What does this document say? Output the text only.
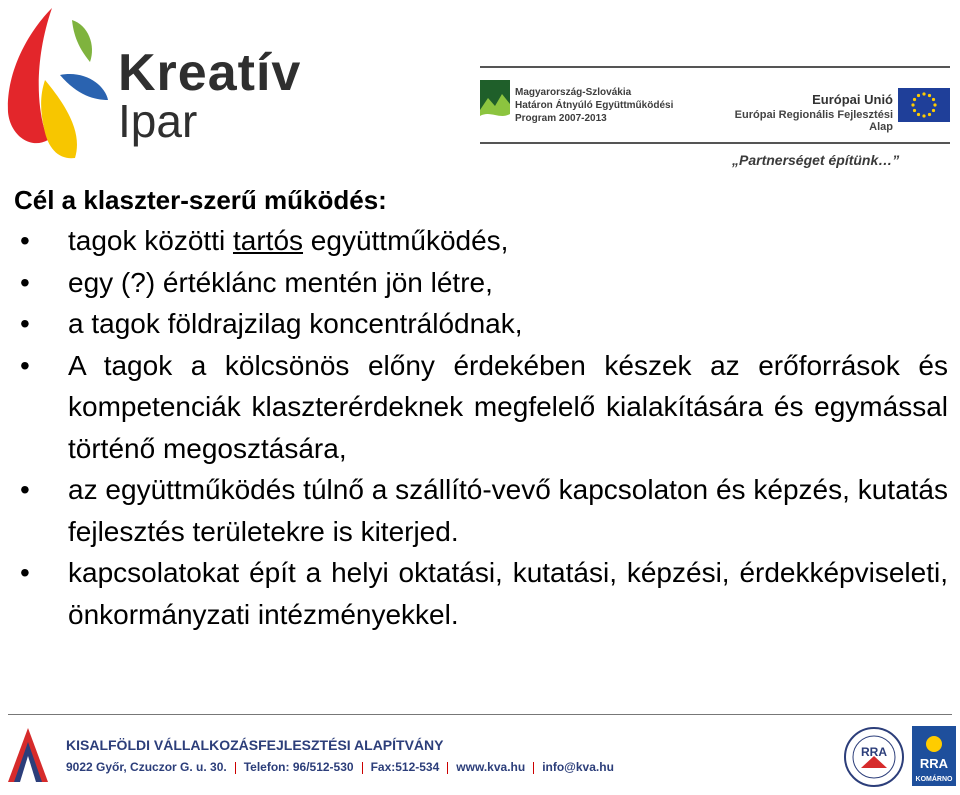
Kreatív
Ipar
Magyarország-Szlovákia
Határon Átnyúló Együttműködési
Program 2007-2013
Európai Unió
Európai Regionális Fejlesztési Alap
„Partnerséget építünk…”
Cél a klaszter-szerű működés:
• tagok közötti tartós együttműködés,
• egy (?) értéklánc mentén jön létre,
• a tagok földrajzilag koncentrálódnak,
• A tagok a kölcsönös előny érdekében készek az erőforrások és kompetenciák klaszterérdeknek megfelelő kialakítására és egymással történő megosztására,
• az együttműködés túlnő a szállító-vevő kapcsolaton és képzés, kutatás fejlesztés területekre is kiterjed.
• kapcsolatokat épít a helyi oktatási, kutatási, képzési, érdekképviseleti, önkormányzati intézményekkel.
KISALFÖLDI VÁLLALKOZÁSFEJLESZTÉSI ALAPÍTVÁNY
9022 Győr, Czuczor G. u. 30. Telefon: 96/512-530 Fax:512-534 www.kva.hu info@kva.hu
RRA
RRA
KOMÁRNO
